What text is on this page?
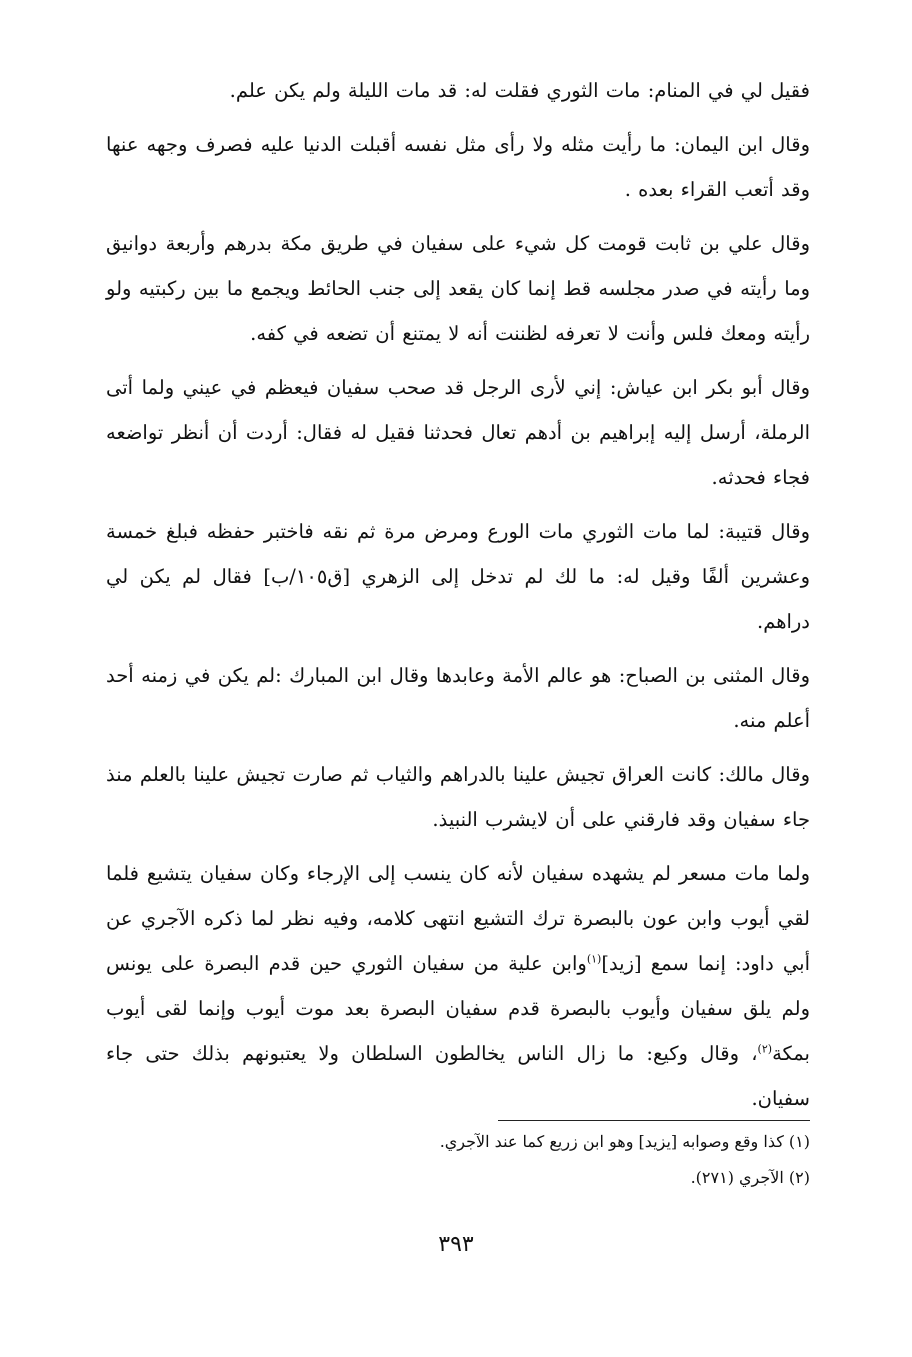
فقيل لي في المنام: مات الثوري فقلت له: قد مات الليلة ولم يكن علم.

وقال ابن اليمان: ما رأيت مثله ولا رأى مثل نفسه أقبلت الدنيا عليه فصرف وجهه عنها وقد أتعب القراء بعده .

وقال علي بن ثابت قومت كل شيء على سفيان في طريق مكة بدرهم وأربعة دوانيق وما رأيته في صدر مجلسه قط إنما كان يقعد إلى جنب الحائط ويجمع ما بين ركبتيه ولو رأيته ومعك فلس وأنت لا تعرفه لظننت أنه لا يمتنع أن تضعه في كفه.

وقال أبو بكر ابن عياش: إني لأرى الرجل قد صحب سفيان فيعظم في عيني ولما أتى الرملة، أرسل إليه إبراهيم بن أدهم تعال فحدثنا فقيل له فقال: أردت أن أنظر تواضعه فجاء فحدثه.

وقال قتيبة: لما مات الثوري مات الورع ومرض مرة ثم نقه فاختبر حفظه فبلغ خمسة وعشرين ألفًا وقيل له: ما لك لم تدخل إلى الزهري [ق١٠٥/ب] فقال لم يكن لي دراهم.

وقال المثنى بن الصباح: هو عالم الأمة وعابدها وقال ابن المبارك :لم يكن في زمنه أحد أعلم منه.

وقال مالك: كانت العراق تجيش علينا بالدراهم والثياب ثم صارت تجيش علينا بالعلم منذ جاء سفيان وقد فارقني على أن لايشرب النبيذ.

ولما مات مسعر لم يشهده سفيان لأنه كان ينسب إلى الإرجاء وكان سفيان يتشيع فلما لقي أيوب وابن عون بالبصرة ترك التشيع انتهى كلامه، وفيه نظر لما ذكره الآجري عن أبي داود: إنما سمع [زيد]$^{(١)}$وابن علية من سفيان الثوري حين قدم البصرة على يونس ولم يلق سفيان وأيوب بالبصرة قدم سفيان البصرة بعد موت أيوب وإنما لقى أيوب بمكة$^{(٢)}$، وقال وكيع: ما زال الناس يخالطون السلطان ولا يعتبونهم بذلك حتى جاء سفيان.

(١) كذا وقع وصوابه [يزيد] وهو ابن زريع كما عند الآجري.

(٢) الآجري (٢٧١).

٣٩٣
